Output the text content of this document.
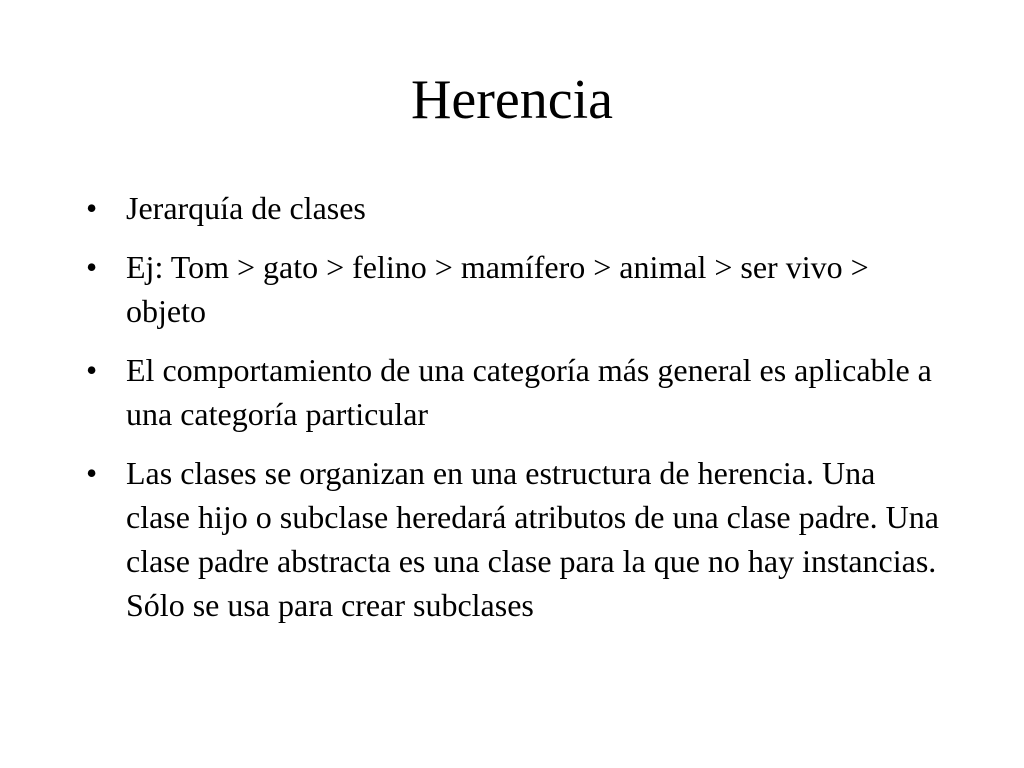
Herencia
• Jerarquía de clases
• Ej: Tom > gato > felino > mamífero > animal > ser vivo > objeto
• El comportamiento de una categoría más general es aplicable a una categoría particular
• Las clases se organizan en una estructura de herencia. Una clase hijo o subclase heredará atributos de una clase padre. Una clase padre abstracta es una clase para la que no hay instancias. Sólo se usa para crear subclases
